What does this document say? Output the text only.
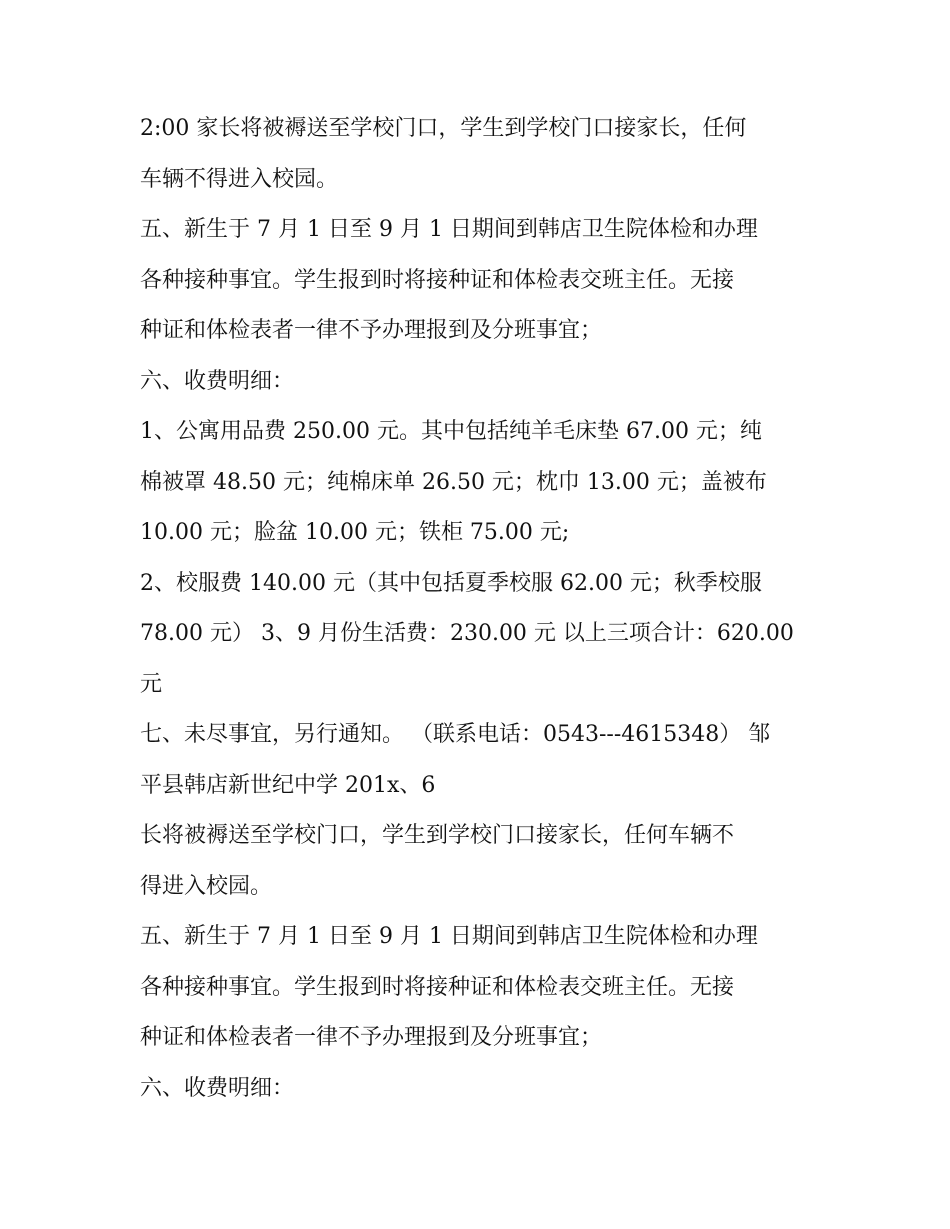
2:00 家长将被褥送至学校门口，学生到学校门口接家长，任何
车辆不得进入校园。
五、新生于 7 月 1 日至 9 月 1 日期间到韩店卫生院体检和办理
各种接种事宜。学生报到时将接种证和体检表交班主任。无接
种证和体检表者一律不予办理报到及分班事宜；
六、收费明细：
1、公寓用品费 250.00 元。其中包括纯羊毛床垫 67.00 元；纯
棉被罩 48.50 元；纯棉床单 26.50 元；枕巾 13.00 元；盖被布
10.00 元；脸盆 10.00 元；铁柜 75.00 元;
2、校服费 140.00 元（其中包括夏季校服 62.00 元；秋季校服
78.00 元） 3、9 月份生活费：230.00 元 以上三项合计：620.00
元
七、未尽事宜，另行通知。 （联系电话：0543---4615348） 邹
平县韩店新世纪中学 201x、6
长将被褥送至学校门口，学生到学校门口接家长，任何车辆不
得进入校园。
五、新生于 7 月 1 日至 9 月 1 日期间到韩店卫生院体检和办理
各种接种事宜。学生报到时将接种证和体检表交班主任。无接
种证和体检表者一律不予办理报到及分班事宜；
六、收费明细：
